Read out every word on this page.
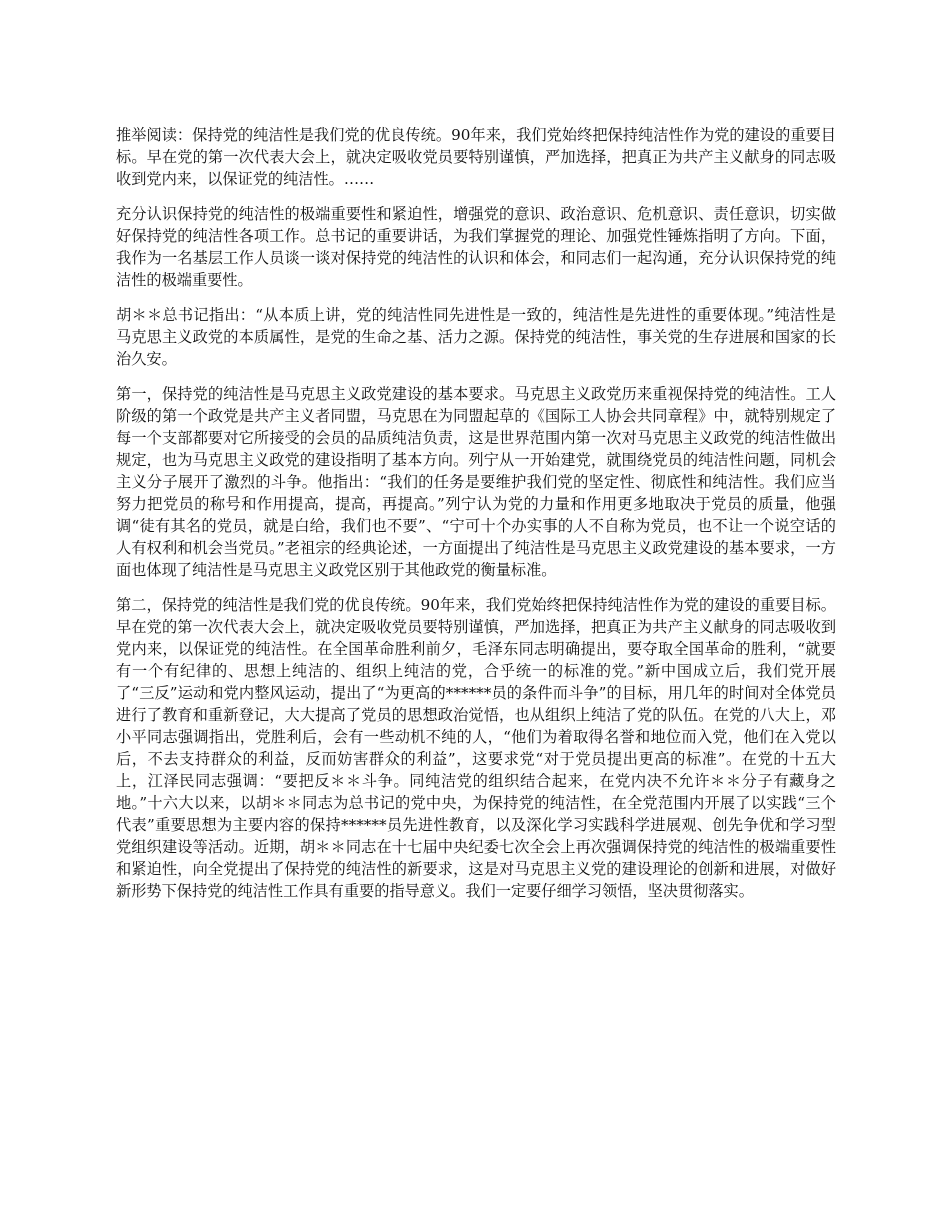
推举阅读：保持党的纯洁性是我们党的优良传统。90年来，我们党始终把保持纯洁性作为党的建设的重要目标。早在党的第一次代表大会上，就决定吸收党员要特别谨慎，严加选择，把真正为共产主义献身的同志吸收到党内来，以保证党的纯洁性。……

充分认识保持党的纯洁性的极端重要性和紧迫性，增强党的意识、政治意识、危机意识、责任意识，切实做好保持党的纯洁性各项工作。总书记的重要讲话，为我们掌握党的理论、加强党性锤炼指明了方向。下面，我作为一名基层工作人员谈一谈对保持党的纯洁性的认识和体会，和同志们一起沟通，充分认识保持党的纯洁性的极端重要性。

胡＊＊总书记指出：“从本质上讲，党的纯洁性同先进性是一致的，纯洁性是先进性的重要体现。”纯洁性是马克思主义政党的本质属性，是党的生命之基、活力之源。保持党的纯洁性，事关党的生存进展和国家的长治久安。

第一，保持党的纯洁性是马克思主义政党建设的基本要求。马克思主义政党历来重视保持党的纯洁性。工人阶级的第一个政党是共产主义者同盟，马克思在为同盟起草的《国际工人协会共同章程》中，就特别规定了每一个支部都要对它所接受的会员的品质纯洁负责，这是世界范围内第一次对马克思主义政党的纯洁性做出规定，也为马克思主义政党的建设指明了基本方向。列宁从一开始建党，就围绕党员的纯洁性问题，同机会主义分子展开了激烈的斗争。他指出：“我们的任务是要维护我们党的坚定性、彻底性和纯洁性。我们应当努力把党员的称号和作用提高，提高，再提高。”列宁认为党的力量和作用更多地取决于党员的质量，他强调“徒有其名的党员，就是白给，我们也不要”、“宁可十个办实事的人不自称为党员，也不让一个说空话的人有权利和机会当党员。”老祖宗的经典论述，一方面提出了纯洁性是马克思主义政党建设的基本要求，一方面也体现了纯洁性是马克思主义政党区别于其他政党的衡量标准。

第二，保持党的纯洁性是我们党的优良传统。90年来，我们党始终把保持纯洁性作为党的建设的重要目标。早在党的第一次代表大会上，就决定吸收党员要特别谨慎，严加选择，把真正为共产主义献身的同志吸收到党内来，以保证党的纯洁性。在全国革命胜利前夕，毛泽东同志明确提出，要夺取全国革命的胜利，“就要有一个有纪律的、思想上纯洁的、组织上纯洁的党，合乎统一的标准的党。”新中国成立后，我们党开展了“三反”运动和党内整风运动，提出了“为更高的******员的条件而斗争”的目标，用几年的时间对全体党员进行了教育和重新登记，大大提高了党员的思想政治觉悟，也从组织上纯洁了党的队伍。在党的八大上，邓小平同志强调指出，党胜利后，会有一些动机不纯的人，“他们为着取得名誉和地位而入党，他们在入党以后，不去支持群众的利益，反而妨害群众的利益”，这要求党“对于党员提出更高的标准”。在党的十五大上，江泽民同志强调：“要把反＊＊斗争。同纯洁党的组织结合起来，在党内决不允许＊＊分子有藏身之地。”十六大以来，以胡＊＊同志为总书记的党中央，为保持党的纯洁性，在全党范围内开展了以实践“三个代表”重要思想为主要内容的保持******员先进性教育，以及深化学习实践科学进展观、创先争优和学习型党组织建设等活动。近期，胡＊＊同志在十七届中央纪委七次全会上再次强调保持党的纯洁性的极端重要性和紧迫性，向全党提出了保持党的纯洁性的新要求，这是对马克思主义党的建设理论的创新和进展，对做好新形势下保持党的纯洁性工作具有重要的指导意义。我们一定要仔细学习领悟，坚决贯彻落实。
